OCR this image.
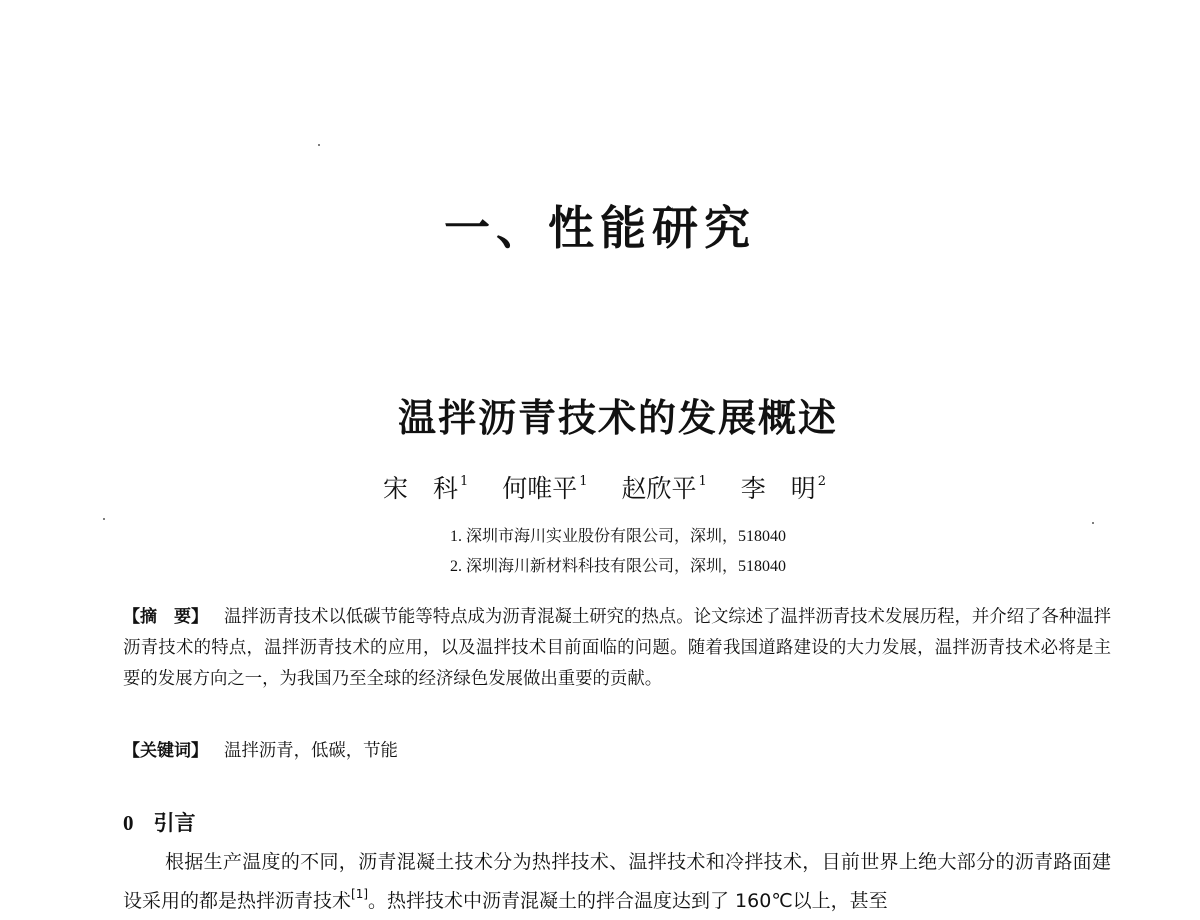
一、性能研究
温拌沥青技术的发展概述
宋　科 $^1$ 何唯平 $^1$ 赵欣平 $^1$ 李　明 $^2$
1. 深圳市海川实业股份有限公司，深圳，518040
2. 深圳海川新材料科技有限公司，深圳，518040
【摘　要】 温拌沥青技术以低碳节能等特点成为沥青混凝土研究的热点。论文综述了温拌沥青技术发展历程，并介绍了各种温拌沥青技术的特点，温拌沥青技术的应用，以及温拌技术目前面临的问题。随着我国道路建设的大力发展，温拌沥青技术必将是主要的发展方向之一，为我国乃至全球的经济绿色发展做出重要的贡献。
【关键词】 温拌沥青，低碳，节能
0 引言
根据生产温度的不同，沥青混凝土技术分为热拌技术、温拌技术和冷拌技术，目前世界上绝大部分的沥青路面建设采用的都是热拌沥青技术[1]。热拌技术中沥青混凝土的拌合温度达到了 160℃以上，甚至
